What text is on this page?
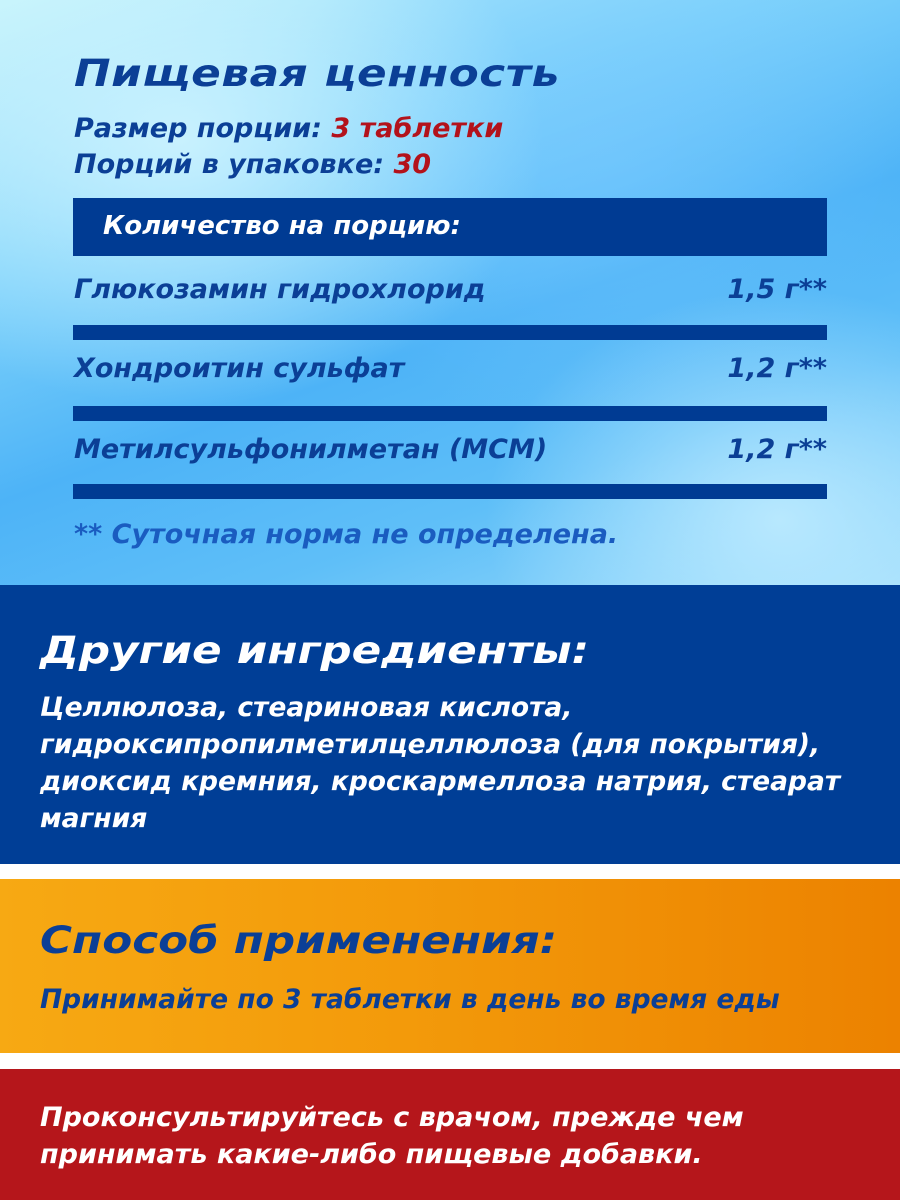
Пищевая ценность
Размер порции: 3 таблетки
Порций в упаковке: 30
Количество на порцию:
Глюкозамин гидрохлорид	1,5 г**
Хондроитин сульфат	1,2 г**
Метилсульфонилметан (МСМ)	1,2 г**
** Суточная норма не определена.
Другие ингредиенты:

Целлюлоза, стеариновая кислота, гидроксипропилметилцеллюлоза (для покрытия), диоксид кремния, кроскармеллоза натрия, стеарат магния

Способ применения:

Принимайте по 3 таблетки в день во время еды

Проконсультируйтесь с врачом, прежде чем принимать какие-либо пищевые добавки.
